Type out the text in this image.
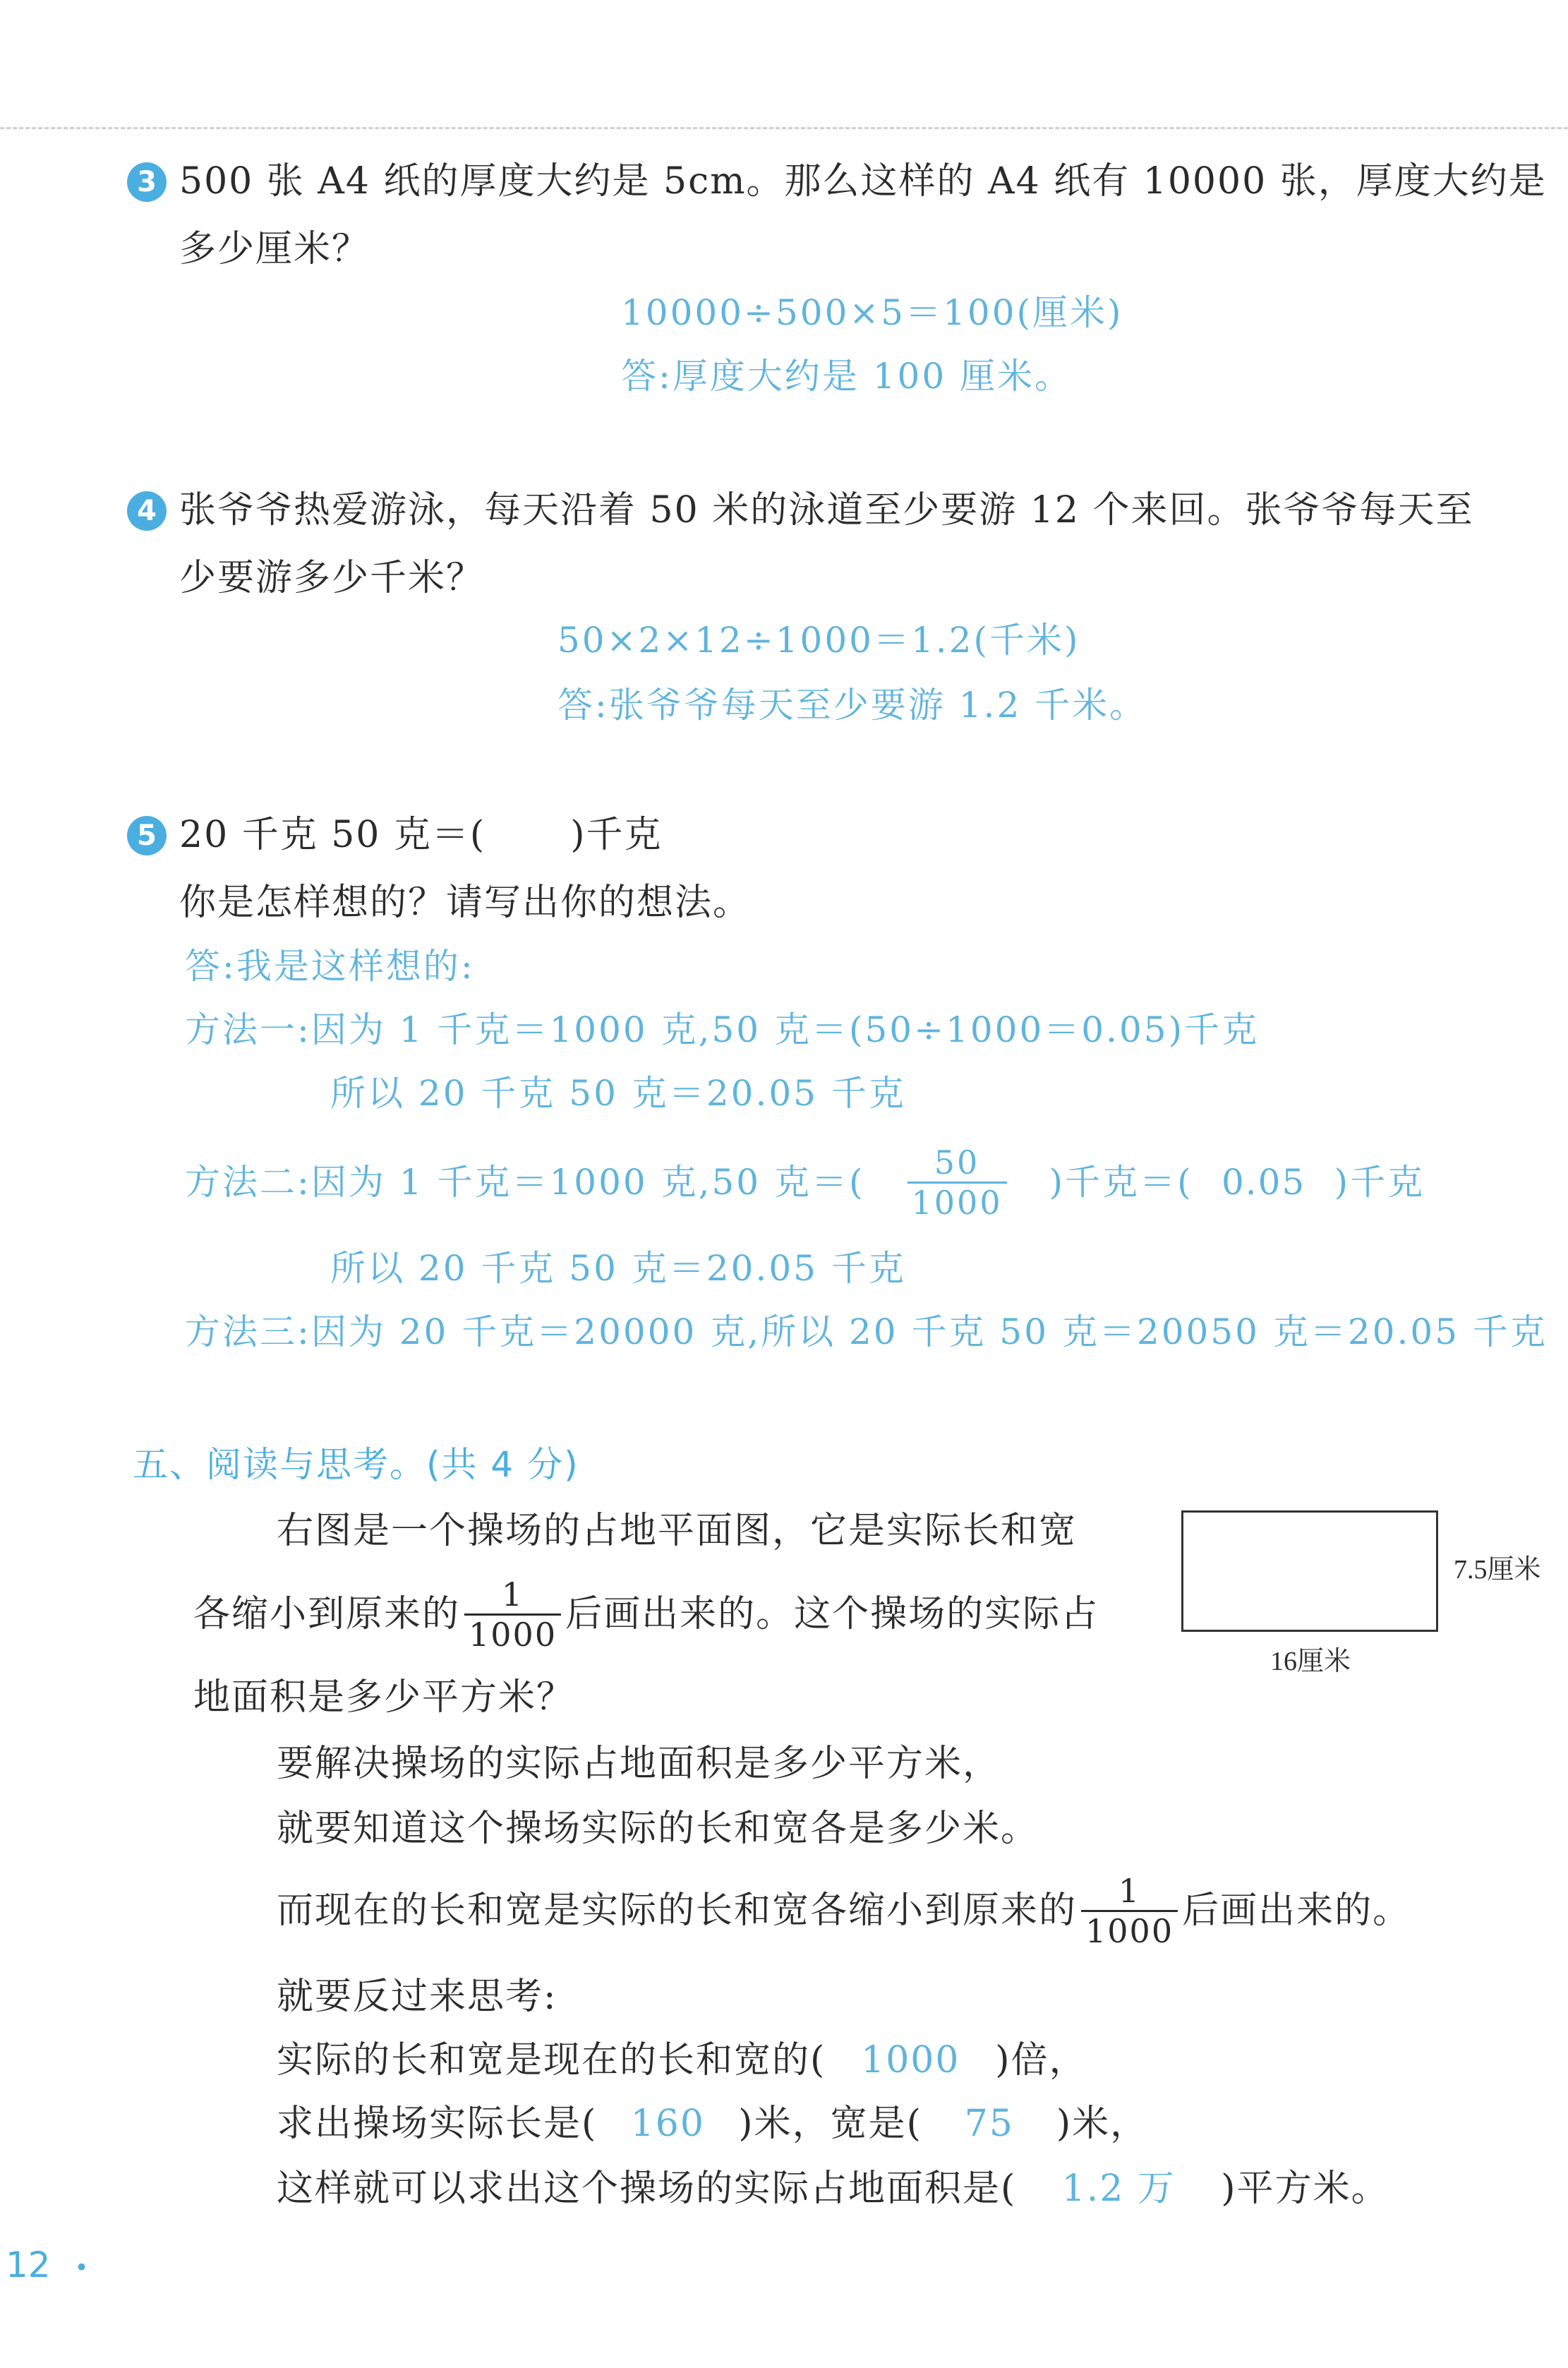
3 500 张 A4 纸的厚度大约是 5cm。那么这样的 A4 纸有 10000 张，厚度大约是
多少厘米？
10000÷500×5＝100(厘米)
答:厚度大约是 100 厘米。
4 张爷爷热爱游泳，每天沿着 50 米的泳道至少要游 12 个来回。张爷爷每天至
少要游多少千米？
50×2×12÷1000＝1.2(千米)
答:张爷爷每天至少要游 1.2 千米。
5 20 千克 50 克＝( )千克
你是怎样想的？请写出你的想法。
答:我是这样想的:
方法一:因为 1 千克＝1000 克,50 克＝(50÷1000＝0.05)千克
所以 20 千克 50 克＝20.05 千克
方法二:因为 1 千克＝1000 克,50 克＝( $\frac{50}{1000}$ )千克＝( 0.05 )千克
所以 20 千克 50 克＝20.05 千克
方法三:因为 20 千克＝20000 克,所以 20 千克 50 克＝20050 克＝20.05 千克
五、阅读与思考。(共 4 分)
右图是一个操场的占地平面图，它是实际长和宽
各缩小到原来的 $\frac{1}{1000}$ 后画出来的。这个操场的实际占
地面积是多少平方米？
7.5厘米
16厘米
要解决操场的实际占地面积是多少平方米，
就要知道这个操场实际的长和宽各是多少米。
而现在的长和宽是实际的长和宽各缩小到原来的 $\frac{1}{1000}$ 后画出来的。
就要反过来思考:
实际的长和宽是现在的长和宽的( 1000 )倍，
求出操场实际长是( 160 )米，宽是( 75 )米，
这样就可以求出这个操场的实际占地面积是( 1.2 万 )平方米。
12 •
